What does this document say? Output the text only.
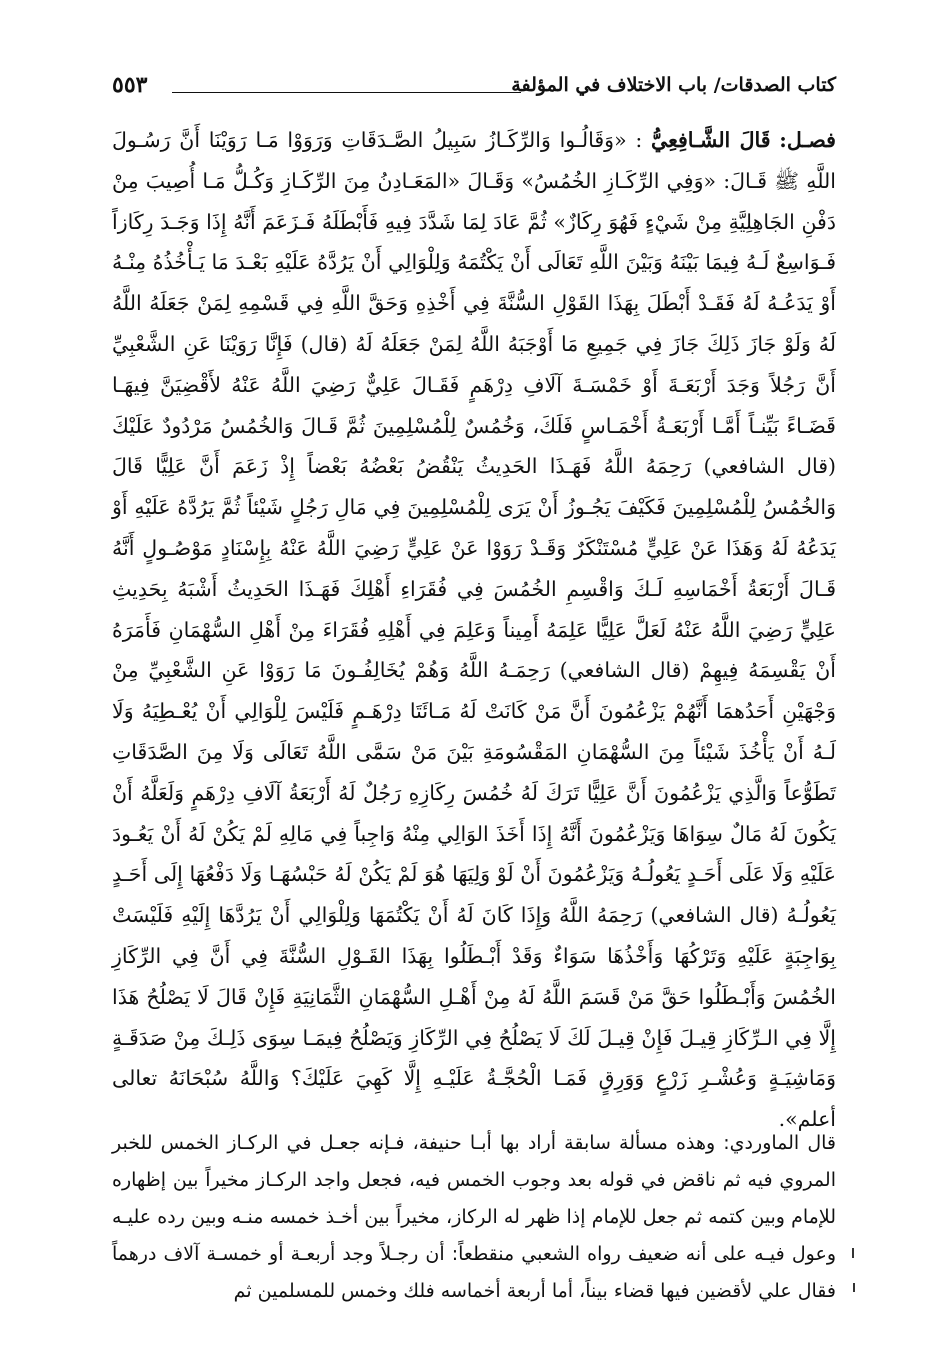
كتاب الصدقات/ باب الاختلاف في المؤلفة
٥٥٣

فصـل: قَالَ الشَّـافِعِيُّ : «وَقَالُـوا وَالرِّكَـازُ سَبِيلُ الصَّـدَقَاتِ وَرَوَوْا مَـا رَوَيْنَا أَنَّ رَسُـولَ اللَّهِ ﷺ قَـالَ: «وَفِي الرِّكَـازِ الخُمُسُ» وَقَـالَ «المَعَـادِنُ مِنَ الرِّكَـازِ وَكُـلُّ مَـا أُصِيبَ مِنْ دَفْنِ الجَاهِلِيَّةِ مِنْ شَيْءٍ فَهُوَ رِكَازٌ» ثُمَّ عَادَ لِمَا شَدَّدَ فِيهِ فَأَبْطَلَهُ فَـزَعَمَ أَنَّهُ إِذَا وَجَـدَ رِكَازاً فَـوَاسِعٌ لَـهُ فِيمَا بَيْنَهُ وَبَيْنَ اللَّهِ تَعَالَى أَنْ يَكْتُمَهُ وَلِلْوَالِي أَنْ يَرُدَّهُ عَلَيْهِ بَعْـدَ مَا يَـأْخُذُهُ مِنْـهُ أَوْ يَدَعُـهُ لَهُ فَقَـدْ أَبْطَلَ بِهَذَا القَوْلِ السُّنَّةَ فِي أَخْذِهِ وَحَقَّ اللَّهِ فِي قَسْمِهِ لِمَنْ جَعَلَهُ اللَّهُ لَهُ وَلَوْ جَازَ ذَلِكَ جَازَ فِي جَمِيعِ مَا أَوْجَبَهُ اللَّهُ لِمَنْ جَعَلَهُ لَهُ (قال) فَإِنَّا رَوَيْنَا عَنِ الشَّعْبِيِّ أَنَّ رَجُلاً وَجَدَ أَرْبَعَـةَ أَوْ خَمْسَـةَ آلَافِ دِرْهَمٍ فَقَـالَ عَلِيٌّ رَضِيَ اللَّهُ عَنْهُ لأَقْضِيَنَّ فِيهَـا قَضَـاءً بَيِّنـاً أَمَّـا أَرْبَعَـةُ أَخْمَـاسٍ فَلَكَ، وَخُمُسٌ لِلْمُسْلِمِينَ ثُمَّ قَـالَ وَالخُمُسُ مَرْدُودٌ عَلَيْكَ (قال الشافعي) رَحِمَهُ اللَّهُ فَهَـذَا الحَدِيثُ يَنْقُضُ بَعْضُهُ بَعْضاً إِذْ زَعَمَ أَنَّ عَلِيًّا قَالَ وَالخُمُسُ لِلْمُسْلِمِينَ فَكَيْفَ يَجُـوزُ أَنْ يَرَى لِلْمُسْلِمِينَ فِي مَالِ رَجُلٍ شَيْئاً ثُمَّ يَرُدَّهُ عَلَيْهِ أَوْ يَدَعُهُ لَهُ وَهَذَا عَنْ عَلِيٍّ مُسْتَنْكَرٌ وَقَـدْ رَوَوْا عَنْ عَلِيٍّ رَضِيَ اللَّهُ عَنْهُ بِإِسْنَادٍ مَوْصُـولٍ أَنَّهُ قَـالَ أَرْبَعَةُ أَخْمَاسِهِ لَـكَ وَاقْسِمِ الخُمُسَ فِي فُقَرَاءِ أَهْلِكَ فَهَـذَا الحَدِيثُ أَشْبَهُ بِحَدِيثِ عَلِيٍّ رَضِيَ اللَّهُ عَنْهُ لَعَلَّ عَلِيًّا عَلِمَهُ أَمِيناً وَعَلِمَ فِي أَهْلِهِ فُقَرَاءَ مِنْ أَهْلِ السُّهْمَانِ فَأَمَرَهُ أَنْ يَقْسِمَهُ فِيهِمْ (قال الشافعي) رَحِمَـهُ اللَّهُ وَهُمْ يُخَالِفُـونَ مَا رَوَوْا عَنِ الشَّعْبِيِّ مِنْ وَجْهَيْنِ أَحَدُهمَا أَنَّهُمْ يَزْعُمُونَ أَنَّ مَنْ كَانَتْ لَهُ مَـائَتَا دِرْهَـمٍ فَلَيْسَ لِلْوَالِي أَنْ يُعْـطِيَهُ وَلَا لَـهُ أَنْ يَأْخُذَ شَيْئاً مِنَ السُّهْمَانِ المَقْسُومَةِ بَيْنَ مَنْ سَمَّى اللَّهُ تَعَالَى وَلَا مِنَ الصَّدَقَاتِ تَطَوُّعاً وَالَّذِي يَزْعُمُونَ أَنَّ عَلِيًّا تَرَكَ لَهُ خُمُسَ رِكَازِهِ رَجُلٌ لَهُ أَرْبَعَةُ آلَافِ دِرْهَمٍ وَلَعَلَّهُ أَنْ يَكُونَ لَهُ مَالٌ سِوَاهَا وَيَزْعُمُونَ أَنَّهُ إِذَا أَخَذَ الوَالِي مِنْهُ وَاجِباً فِي مَالِهِ لَمْ يَكُنْ لَهُ أَنْ يَعُـودَ عَلَيْهِ وَلَا عَلَى أَحَـدٍ يَعُولُـهُ وَيَزْعُمُونَ أَنْ لَوْ وَلِيَهَا هُوَ لَمْ يَكُنْ لَهُ حَبْسُهَـا وَلَا دَفْعُهَا إِلَى أَحَـدٍ يَعُولُـهُ (قال الشافعي) رَحِمَهُ اللَّهُ وَإِذَا كَانَ لَهُ أَنْ يَكْتُمَهَا وَلِلْوَالِي أَنْ يَرُدَّهَا إِلَيْهِ فَلَيْسَتْ بِوَاجِبَةٍ عَلَيْهِ وَتَرْكُهَا وَأَخْذُهَا سَوَاءٌ وَقَدْ أَبْـطَلُوا بِهَذَا القَـوْلِ السُّنَّةَ فِي أَنَّ فِي الرِّكَازِ الخُمُسَ وَأَبْـطَلُوا حَقَّ مَنْ قَسَمَ اللَّهُ لَهُ مِنْ أَهْـلِ السُّهْمَانِ الثَّمَانِيَةِ فَإِنْ قَالَ لَا يَصْلُحُ هَذَا إِلَّا فِي الـرِّكَازِ قِيـلَ فَإِنْ قِيـلَ لَكَ لَا يَصْلُحُ فِي الرِّكَازِ وَيَصْلُحُ فِيمَـا سِوَى ذَلِـكَ مِنْ صَدَقَـةٍ وَمَاشِيَـةٍ وَعُشْـرِ زَرْعٍ وَوَرِقٍ فَمَـا الْحُجَّـةُ عَلَيْـهِ إِلَّا كَهِيَ عَلَيْكَ؟ وَاللَّهُ سُبْحَانَهُ تعالى أعلم».

قال الماوردي: وهذه مسألة سابقة أراد بها أبـا حنيفة، فـإنه جعـل في الركـاز الخمس للخبر المروي فيه ثم ناقض في قوله بعد وجوب الخمس فيه، فجعل واجد الركـاز مخيراً بين إظهاره للإمام وبين كتمه ثم جعل للإمام إذا ظهر له الركاز، مخيراً بين أخـذ خمسه منـه وبين رده عليـه وعول فيـه على أنه ضعيف رواه الشعبي منقطعاً: أن رجـلاً وجد أربعـة أو خمسـة آلاف درهماً فقال علي لأقضين فيها قضاء بيناً، أما أربعة أخماسه فلك وخمس للمسلمين ثم
